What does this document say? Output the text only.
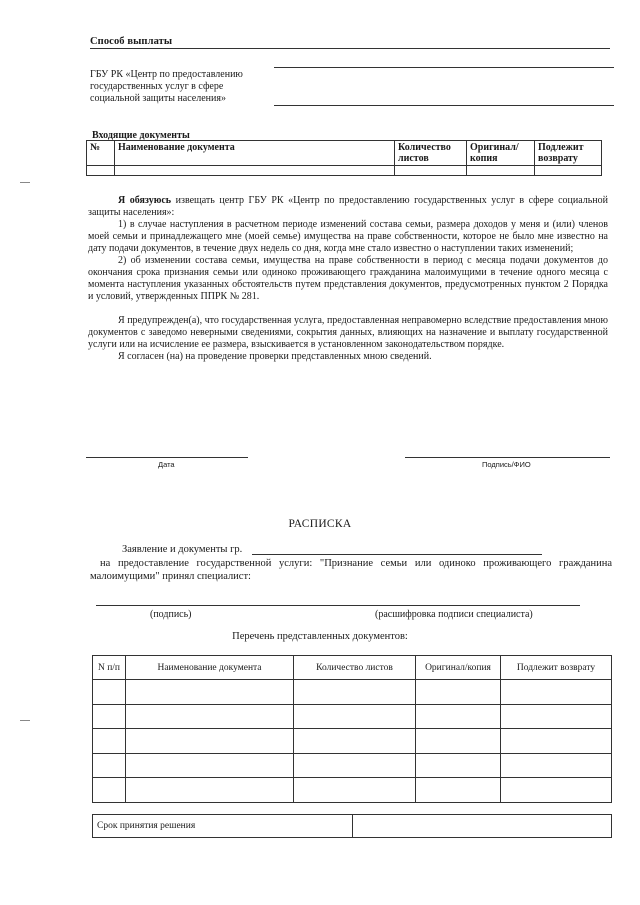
Способ выплаты
ГБУ РК «Центр по предоставлению
государственных услуг в сфере
социальной защиты населения»
Входящие документы
№	Наименование документа	Количество листов	Оригинал/ копия	Подлежит возврату

Я обязуюсь извещать центр ГБУ РК «Центр по предоставлению государственных услуг в сфере социальной защиты населения»:
1) в случае наступления в расчетном периоде изменений состава семьи, размера доходов у меня и (или) членов моей семьи и принадлежащего мне (моей семье) имущества на праве собственности, которое не было мне известно на дату подачи документов, в течение двух недель со дня, когда мне стало известно о наступлении таких изменений;
2) об изменении состава семьи, имущества на праве собственности в период с месяца подачи документов до окончания срока признания семьи или одиноко проживающего гражданина малоимущими в течение одного месяца с момента наступления указанных обстоятельств путем представления документов, предусмотренных пунктом 2 Порядка и условий, утвержденных ППРК № 281.
Я предупрежден(а), что государственная услуга, предоставленная неправомерно вследствие предоставления мною документов с заведомо неверными сведениями, сокрытия данных, влияющих на назначение и выплату государственной услуги или на исчисление ее размера, взыскивается в установленном законодательством порядке.
Я согласен (на) на проведение проверки представленных мною сведений.
Дата	Подпись/ФИО
РАСПИСКА
Заявление и документы гр.
на предоставление государственной услуги: "Признание семьи или одиноко проживающего гражданина малоимущими" принял специалист:
(подпись)	(расшифровка подписи специалиста)
Перечень представленных документов:
N п/п	Наименование документа	Количество листов	Оригинал/копия	Подлежит возврату

Срок принятия решения	
